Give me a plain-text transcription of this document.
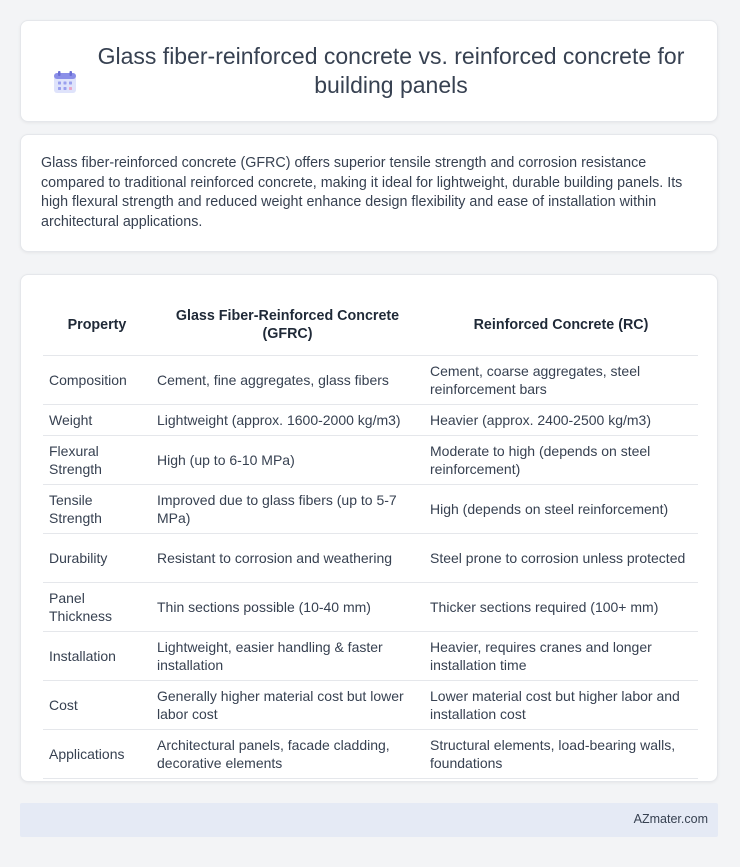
Glass fiber-reinforced concrete vs. reinforced concrete for building panels

Glass fiber-reinforced concrete (GFRC) offers superior tensile strength and corrosion resistance compared to traditional reinforced concrete, making it ideal for lightweight, durable building panels. Its high flexural strength and reduced weight enhance design flexibility and ease of installation within architectural applications.

Property	Glass Fiber-Reinforced Concrete (GFRC)	Reinforced Concrete (RC)
Composition	Cement, fine aggregates, glass fibers	Cement, coarse aggregates, steel reinforcement bars
Weight	Lightweight (approx. 1600-2000 kg/m3)	Heavier (approx. 2400-2500 kg/m3)
Flexural Strength	High (up to 6-10 MPa)	Moderate to high (depends on steel reinforcement)
Tensile Strength	Improved due to glass fibers (up to 5-7 MPa)	High (depends on steel reinforcement)
Durability	Resistant to corrosion and weathering	Steel prone to corrosion unless protected
Panel Thickness	Thin sections possible (10-40 mm)	Thicker sections required (100+ mm)
Installation	Lightweight, easier handling & faster installation	Heavier, requires cranes and longer installation time
Cost	Generally higher material cost but lower labor cost	Lower material cost but higher labor and installation cost
Applications	Architectural panels, facade cladding, decorative elements	Structural elements, load-bearing walls, foundations
AZmater.com
